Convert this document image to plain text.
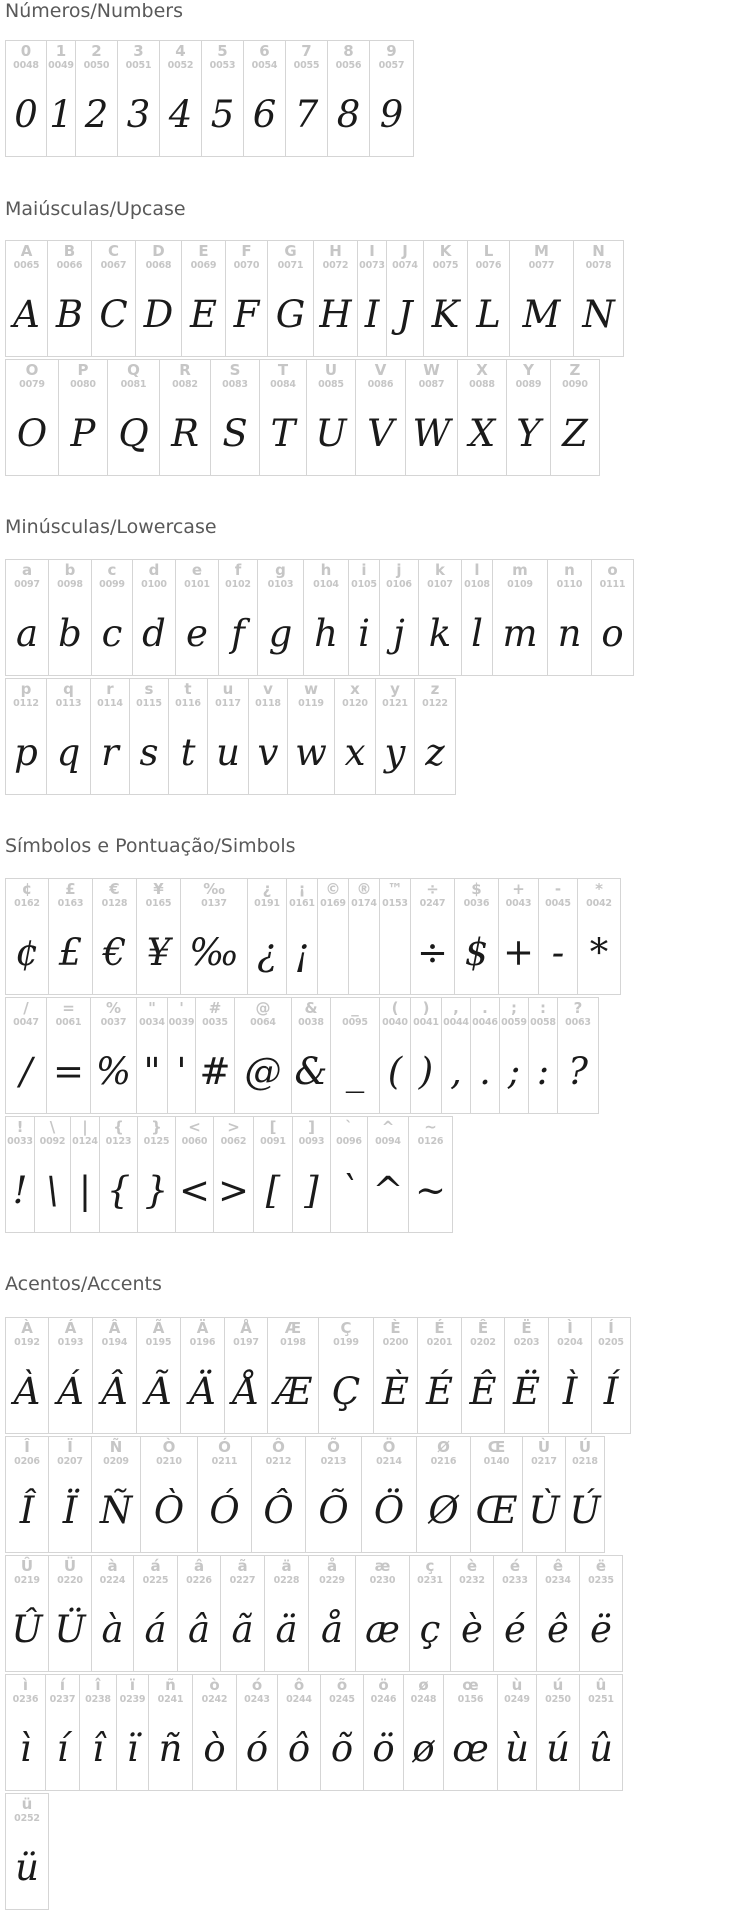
Números/Numbers
0
0048
0
1
0049
1
2
0050
2
3
0051
3
4
0052
4
5
0053
5
6
0054
6
7
0055
7
8
0056
8
9
0057
9
Maiúsculas/Upcase
A
0065
A
B
0066
B
C
0067
C
D
0068
D
E
0069
E
F
0070
F
G
0071
G
H
0072
H
I
0073
I
J
0074
J
K
0075
K
L
0076
L
M
0077
M
N
0078
N
O
0079
O
P
0080
P
Q
0081
Q
R
0082
R
S
0083
S
T
0084
T
U
0085
U
V
0086
V
W
0087
W
X
0088
X
Y
0089
Y
Z
0090
Z
Minúsculas/Lowercase
a
0097
a
b
0098
b
c
0099
c
d
0100
d
e
0101
e
f
0102
f
g
0103
g
h
0104
h
i
0105
i
j
0106
j
k
0107
k
l
0108
l
m
0109
m
n
0110
n
o
0111
o
p
0112
p
q
0113
q
r
0114
r
s
0115
s
t
0116
t
u
0117
u
v
0118
v
w
0119
w
x
0120
x
y
0121
y
z
0122
z
Símbolos e Pontuação/Simbols
¢
0162
¢
£
0163
£
€
0128
€
¥
0165
¥
‰
0137
‰
¿
0191
¿
¡
0161
¡
©
0169
®
0174
™
0153
÷
0247
÷
$
0036
$
+
0043
+
-
0045
-
*
0042
*
/
0047
/
=
0061
=
%
0037
%
"
0034
"
'
0039
'
#
0035
#
@
0064
@
&
0038
&
_
0095
_
(
0040
(
)
0041
)
,
0044
,
.
0046
.
;
0059
;
:
0058
:
?
0063
?
!
0033
!
\
0092
\
|
0124
|
{
0123
{
}
0125
}
<
0060
<
>
0062
>
[
0091
[
]
0093
]
`
0096
`
^
0094
^
~
0126
~
Acentos/Accents
À
0192
À
Á
0193
Á
Â
0194
Â
Ã
0195
Ã
Ä
0196
Ä
Å
0197
Å
Æ
0198
Æ
Ç
0199
Ç
È
0200
È
É
0201
É
Ê
0202
Ê
Ë
0203
Ë
Ì
0204
Ì
Í
0205
Í
Î
0206
Î
Ï
0207
Ï
Ñ
0209
Ñ
Ò
0210
Ò
Ó
0211
Ó
Ô
0212
Ô
Õ
0213
Õ
Ö
0214
Ö
Ø
0216
Ø
Œ
0140
Œ
Ù
0217
Ù
Ú
0218
Ú
Û
0219
Û
Ü
0220
Ü
à
0224
à
á
0225
á
â
0226
â
ã
0227
ã
ä
0228
ä
å
0229
å
æ
0230
æ
ç
0231
ç
è
0232
è
é
0233
é
ê
0234
ê
ë
0235
ë
ì
0236
ì
í
0237
í
î
0238
î
ï
0239
ï
ñ
0241
ñ
ò
0242
ò
ó
0243
ó
ô
0244
ô
õ
0245
õ
ö
0246
ö
ø
0248
ø
œ
0156
œ
ù
0249
ù
ú
0250
ú
û
0251
û
ü
0252
ü
